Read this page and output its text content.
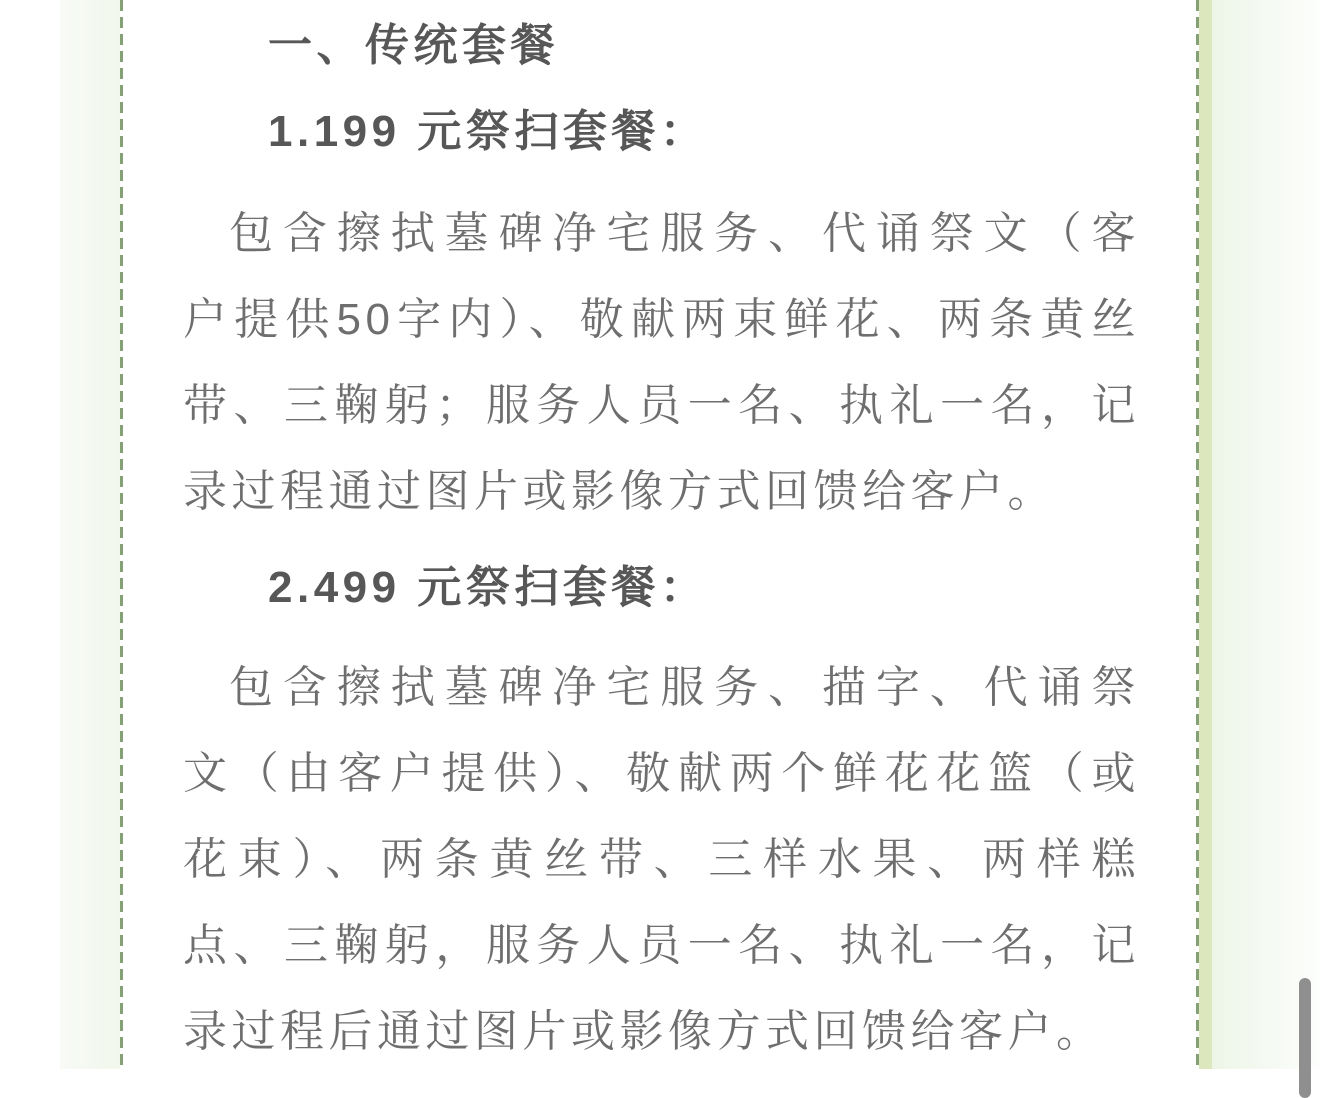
一、传统套餐

1.199 元祭扫套餐：

包含擦拭墓碑净宅服务、代诵祭文（客

户提供50字内）、敬献两束鲜花、两条黄丝

带、三鞠躬；服务人员一名、执礼一名，记

录过程通过图片或影像方式回馈给客户。

2.499 元祭扫套餐：

包含擦拭墓碑净宅服务、描字、代诵祭

文（由客户提供）、敬献两个鲜花花篮（或

花束）、两条黄丝带、三样水果、两样糕

点、三鞠躬，服务人员一名、执礼一名，记

录过程后通过图片或影像方式回馈给客户。
